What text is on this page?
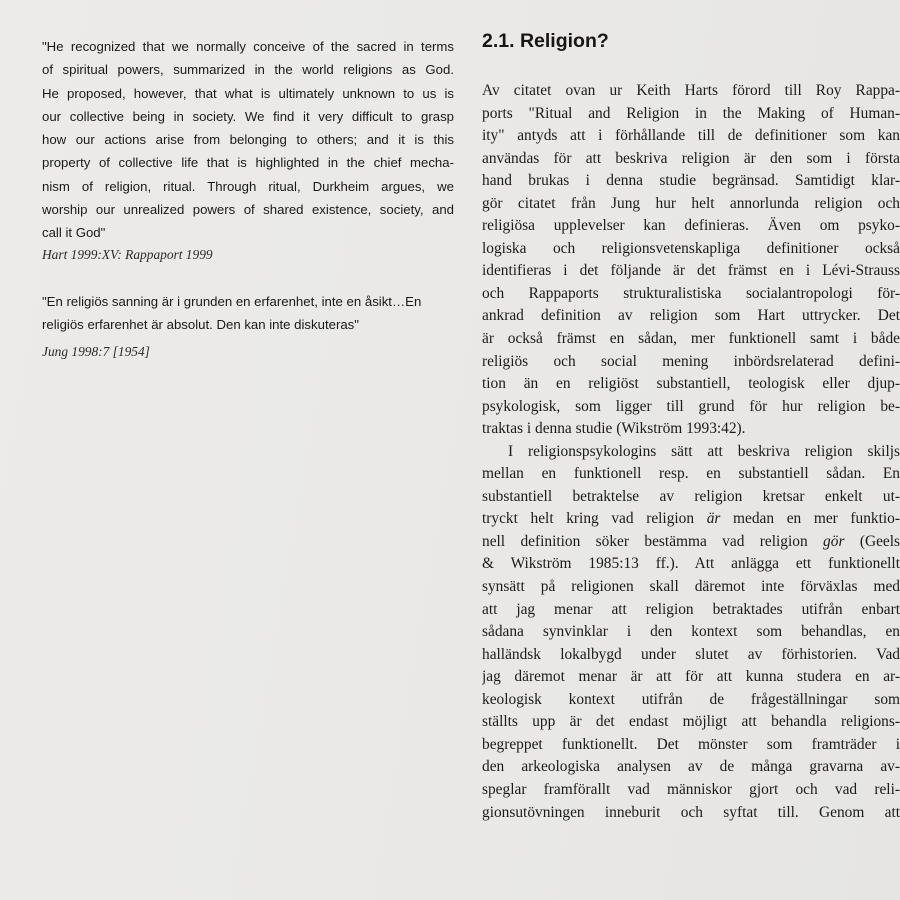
"He recognized that we normally conceive of the sacred in terms
of spiritual powers, summarized in the world religions as God.
He proposed, however, that what is ultimately unknown to us is
our collective being in society. We find it very difficult to grasp
how our actions arise from belonging to others; and it is this
property of collective life that is highlighted in the chief mecha-
nism of religion, ritual. Through ritual, Durkheim argues, we
worship our unrealized powers of shared existence, society, and
call it God"

Hart 1999:XV: Rappaport 1999

"En religiös sanning är i grunden en erfarenhet, inte en åsikt…En
religiös erfarenhet är absolut. Den kan inte diskuteras"

Jung 1998:7 [1954]

2.1. Religion?
Av citatet ovan ur Keith Harts förord till Roy Rappa-
ports "Ritual and Religion in the Making of Human-
ity" antyds att i förhållande till de definitioner som kan
användas för att beskriva religion är den som i första
hand brukas i denna studie begränsad. Samtidigt klar-
gör citatet från Jung hur helt annorlunda religion och
religiösa upplevelser kan definieras. Även om psyko-
logiska och religionsvetenskapliga definitioner också
identifieras i det följande är det främst en i Lévi-Strauss
och Rappaports strukturalistiska socialantropologi för-
ankrad definition av religion som Hart uttrycker. Det
är också främst en sådan, mer funktionell samt i både
religiös och social mening inbördsrelaterad defini-
tion än en religiöst substantiell, teologisk eller djup-
psykologisk, som ligger till grund för hur religion be-
traktas i denna studie (Wikström 1993:42).
I religionspsykologins sätt att beskriva religion skiljs
mellan en funktionell resp. en substantiell sådan. En
substantiell betraktelse av religion kretsar enkelt ut-
tryckt helt kring vad religion är medan en mer funktio-
nell definition söker bestämma vad religion gör (Geels
& Wikström 1985:13 ff.). Att anlägga ett funktionellt
synsätt på religionen skall däremot inte förväxlas med
att jag menar att religion betraktades utifrån enbart
sådana synvinklar i den kontext som behandlas, en
halländsk lokalbygd under slutet av förhistorien. Vad
jag däremot menar är att för att kunna studera en ar-
keologisk kontext utifrån de frågeställningar som
ställts upp är det endast möjligt att behandla religions-
begreppet funktionellt. Det mönster som framträder i
den arkeologiska analysen av de många gravarna av-
speglar framförallt vad människor gjort och vad reli-
gionsutövningen inneburit och syftat till. Genom att
